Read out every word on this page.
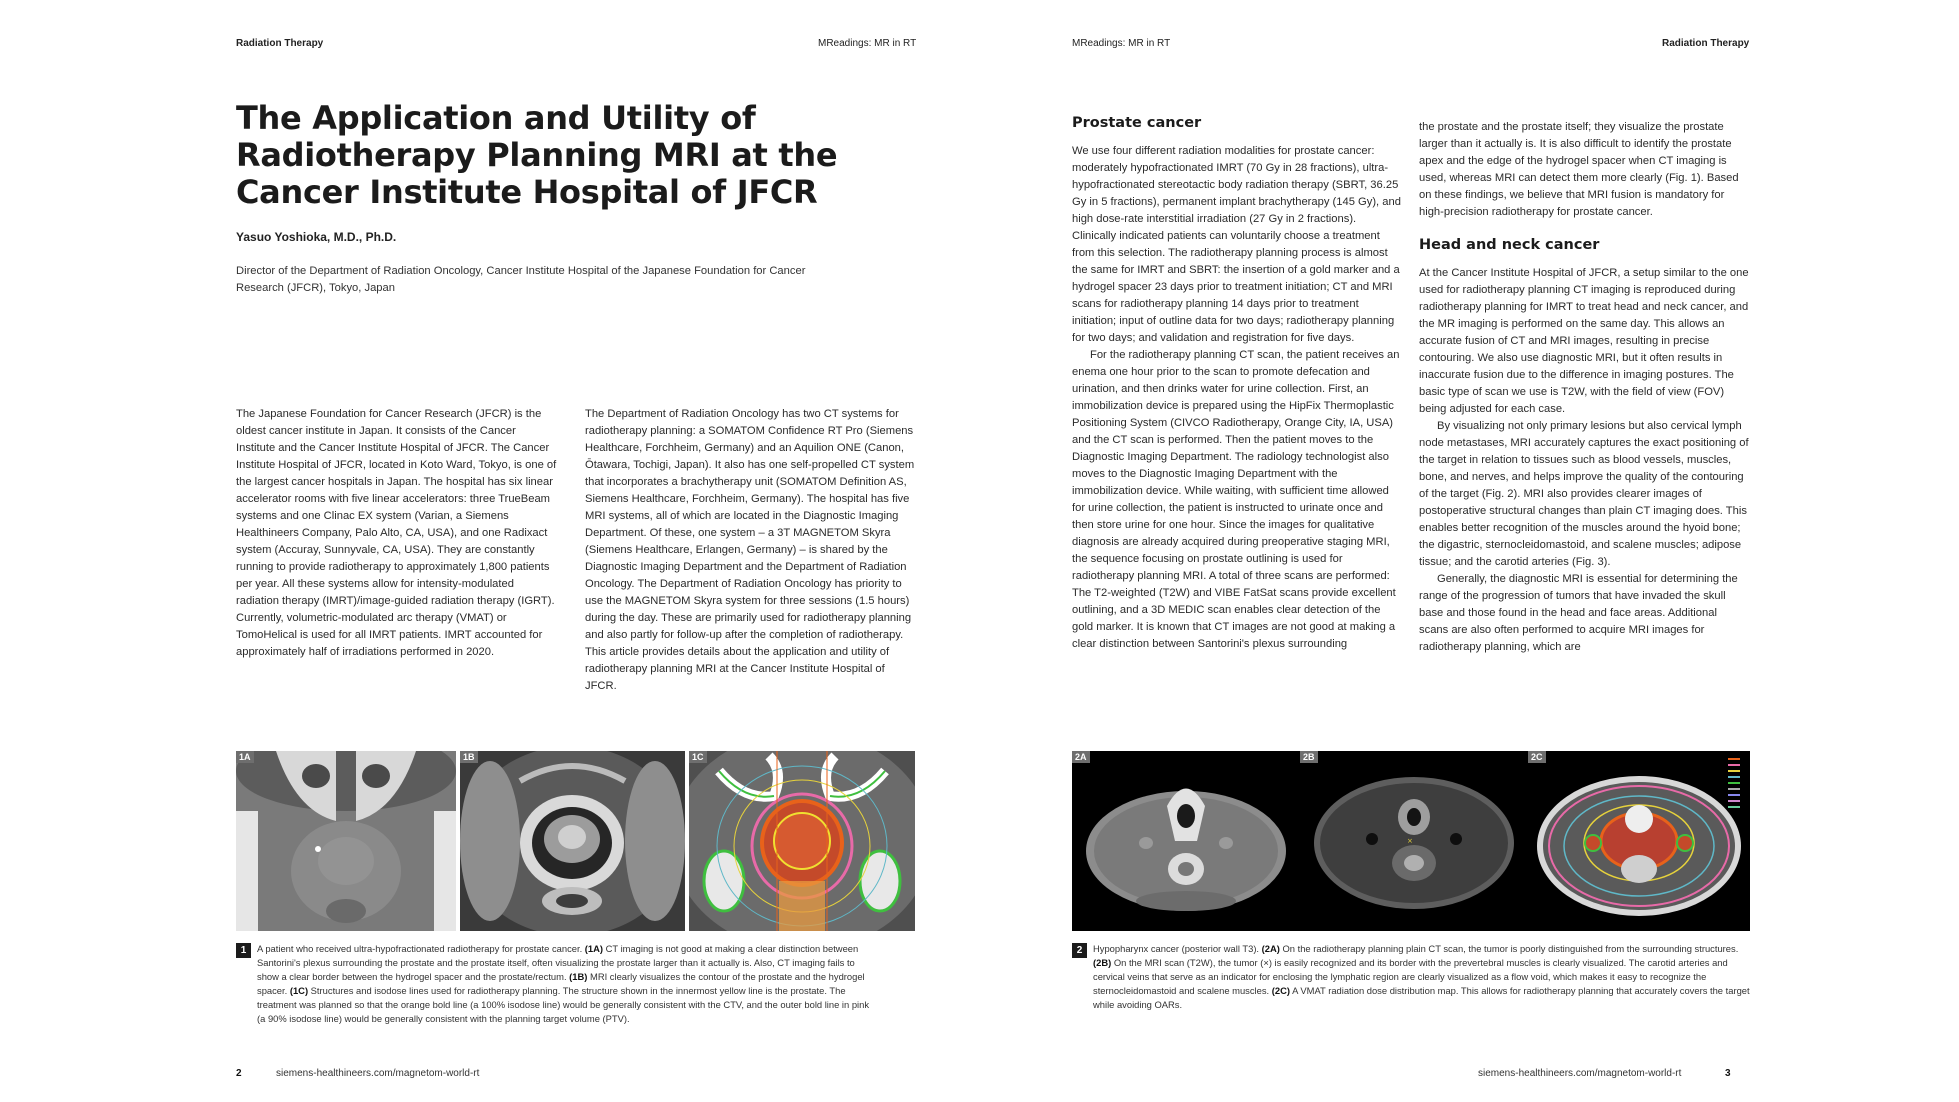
Radiation Therapy	MReadings: MR in RT
The Application and Utility of Radiotherapy Planning MRI at the Cancer Institute Hospital of JFCR
Yasuo Yoshioka, M.D., Ph.D.
Director of the Department of Radiation Oncology, Cancer Institute Hospital of the Japanese Foundation for Cancer Research (JFCR), Tokyo, Japan

The Japanese Foundation for Cancer Research (JFCR) is the oldest cancer institute in Japan. It consists of the Cancer Institute and the Cancer Institute Hospital of JFCR. The Cancer Institute Hospital of JFCR, located in Koto Ward, Tokyo, is one of the largest cancer hospitals in Japan. The hospital has six linear accelerator rooms with five linear accelerators: three TrueBeam systems and one Clinac EX system (Varian, a Siemens Healthineers Company, Palo Alto, CA, USA), and one Radixact system (Accuray, Sunnyvale, CA, USA). They are constantly running to provide radiotherapy to approximately 1,800 patients per year. All these systems allow for intensity-modulated radiation therapy (IMRT)/image-guided radiation therapy (IGRT). Currently, volumetric-modulated arc therapy (VMAT) or TomoHelical is used for all IMRT patients. IMRT accounted for approximately half of irradiations performed in 2020.

The Department of Radiation Oncology has two CT systems for radiotherapy planning: a SOMATOM Confidence RT Pro (Siemens Healthcare, Forchheim, Germany) and an Aquilion ONE (Canon, Ōtawara, Tochigi, Japan). It also has one self-propelled CT system that incorporates a brachytherapy unit (SOMATOM Definition AS, Siemens Healthcare, Forchheim, Germany). The hospital has five MRI systems, all of which are located in the Diagnostic Imaging Department. Of these, one system – a 3T MAGNETOM Skyra (Siemens Healthcare, Erlangen, Germany) – is shared by the Diagnostic Imaging Department and the Department of Radiation Oncology. The Department of Radiation Oncology has priority to use the MAGNETOM Skyra system for three sessions (1.5 hours) during the day. These are primarily used for radiotherapy planning and also partly for follow-up after the completion of radiotherapy. This article provides details about the application and utility of radiotherapy planning MRI at the Cancer Institute Hospital of JFCR.

1A	1B	1C
1	A patient who received ultra-hypofractionated radiotherapy for prostate cancer. (1A) CT imaging is not good at making a clear distinction between Santorini's plexus surrounding the prostate and the prostate itself, often visualizing the prostate larger than it actually is. Also, CT imaging fails to show a clear border between the hydrogel spacer and the prostate/rectum. (1B) MRI clearly visualizes the contour of the prostate and the hydrogel spacer. (1C) Structures and isodose lines used for radiotherapy planning. The structure shown in the innermost yellow line is the prostate. The treatment was planned so that the orange bold line (a 100% isodose line) would be generally consistent with the CTV, and the outer bold line in pink (a 90% isodose line) would be generally consistent with the planning target volume (PTV).
2	siemens-healthineers.com/magnetom-world-rt
MReadings: MR in RT	Radiation Therapy
Prostate cancer

We use four different radiation modalities for prostate cancer: moderately hypofractionated IMRT (70 Gy in 28 fractions), ultra-hypofractionated stereotactic body radiation therapy (SBRT, 36.25 Gy in 5 fractions), permanent implant brachytherapy (145 Gy), and high dose-rate interstitial irradiation (27 Gy in 2 fractions). Clinically indicated patients can voluntarily choose a treatment from this selection. The radiotherapy planning process is almost the same for IMRT and SBRT: the insertion of a gold marker and a hydrogel spacer 23 days prior to treatment initiation; CT and MRI scans for radiotherapy planning 14 days prior to treatment initiation; input of outline data for two days; radiotherapy planning for two days; and validation and registration for five days.

For the radiotherapy planning CT scan, the patient receives an enema one hour prior to the scan to promote defecation and urination, and then drinks water for urine collection. First, an immobilization device is prepared using the HipFix Thermoplastic Positioning System (CIVCO Radiotherapy, Orange City, IA, USA) and the CT scan is performed. Then the patient moves to the Diagnostic Imaging Department. The radiology technologist also moves to the Diagnostic Imaging Department with the immobilization device. While waiting, with sufficient time allowed for urine collection, the patient is instructed to urinate once and then store urine for one hour. Since the images for qualitative diagnosis are already acquired during preoperative staging MRI, the sequence focusing on prostate outlining is used for radiotherapy planning MRI. A total of three scans are performed: The T2-weighted (T2W) and VIBE FatSat scans provide excellent outlining, and a 3D MEDIC scan enables clear detection of the gold marker. It is known that CT images are not good at making a clear distinction between Santorini's plexus surrounding

the prostate and the prostate itself; they visualize the prostate larger than it actually is. It is also difficult to identify the prostate apex and the edge of the hydrogel spacer when CT imaging is used, whereas MRI can detect them more clearly (Fig. 1). Based on these findings, we believe that MRI fusion is mandatory for high-precision radiotherapy for prostate cancer.

Head and neck cancer

At the Cancer Institute Hospital of JFCR, a setup similar to the one used for radiotherapy planning CT imaging is reproduced during radiotherapy planning for IMRT to treat head and neck cancer, and the MR imaging is performed on the same day. This allows an accurate fusion of CT and MRI images, resulting in precise contouring. We also use diagnostic MRI, but it often results in inaccurate fusion due to the difference in imaging postures. The basic type of scan we use is T2W, with the field of view (FOV) being adjusted for each case.

By visualizing not only primary lesions but also cervical lymph node metastases, MRI accurately captures the exact positioning of the target in relation to tissues such as blood vessels, muscles, bone, and nerves, and helps improve the quality of the contouring of the target (Fig. 2). MRI also provides clearer images of postoperative structural changes than plain CT imaging does. This enables better recognition of the muscles around the hyoid bone; the digastric, sternocleidomastoid, and scalene muscles; adipose tissue; and the carotid arteries (Fig. 3).

Generally, the diagnostic MRI is essential for determining the range of the progression of tumors that have invaded the skull base and those found in the head and face areas. Additional scans are also often performed to acquire MRI images for radiotherapy planning, which are

2A	2B
×
2C
2	Hypopharynx cancer (posterior wall T3). (2A) On the radiotherapy planning plain CT scan, the tumor is poorly distinguished from the surrounding structures. (2B) On the MRI scan (T2W), the tumor (×) is easily recognized and its border with the prevertebral muscles is clearly visualized. The carotid arteries and cervical veins that serve as an indicator for enclosing the lymphatic region are clearly visualized as a flow void, which makes it easy to recognize the sternocleidomastoid and scalene muscles. (2C) A VMAT radiation dose distribution map. This allows for radiotherapy planning that accurately covers the target while avoiding OARs.
siemens-healthineers.com/magnetom-world-rt	3
